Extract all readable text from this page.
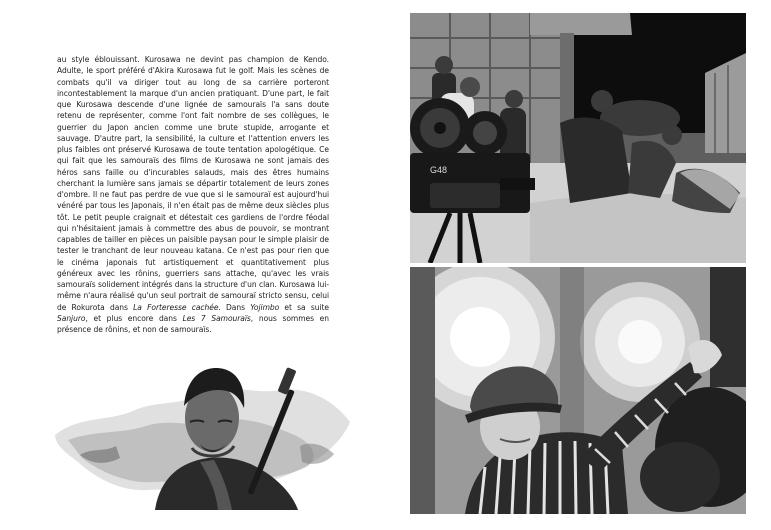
au style éblouissant. Kurosawa ne devint pas champion de Kendo. Adulte, le sport préféré d'Akira Kurosawa fut le golf. Mais les scènes de combats qu'il va diriger tout au long de sa carrière porteront incontestablement la marque d'un ancien pratiquant. D'une part, le fait que Kurosawa descende d'une lignée de samouraïs l'a sans doute retenu de représenter, comme l'ont fait nombre de ses collègues, le guerrier du Japon ancien comme une brute stupide, arrogante et sauvage. D'autre part, la sensibilité, la culture et l'attention envers les plus faibles ont préservé Kurosawa de toute tentation apologétique. Ce qui fait que les samouraïs des films de Kurosawa ne sont jamais des héros sans faille ou d'incurables salauds, mais des êtres humains cherchant la lumière sans jamais se départir totalement de leurs zones d'ombre. Il ne faut pas perdre de vue que si le samouraï est aujourd'hui vénéré par tous les Japonais, il n'en était pas de même deux siècles plus tôt. Le petit peuple craignait et détestait ces gardiens de l'ordre féodal qui n'hésitaient jamais à commettre des abus de pouvoir, se montrant capables de tailler en pièces un paisible paysan pour le simple plaisir de tester le tranchant de leur nouveau katana. Ce n'est pas pour rien que le cinéma japonais fut artistiquement et quantitativement plus généreux avec les rônins, guerriers sans attache, qu'avec les vrais samouraïs solidement intégrés dans la structure d'un clan. Kurosawa lui-même n'aura réalisé qu'un seul portrait de samouraï stricto sensu, celui de Rokurota dans La Forteresse cachée. Dans Yojimbo et sa suite Sanjuro, et plus encore dans Les 7 Samouraïs, nous sommes en présence de rônins, et non de samouraïs.
G48
